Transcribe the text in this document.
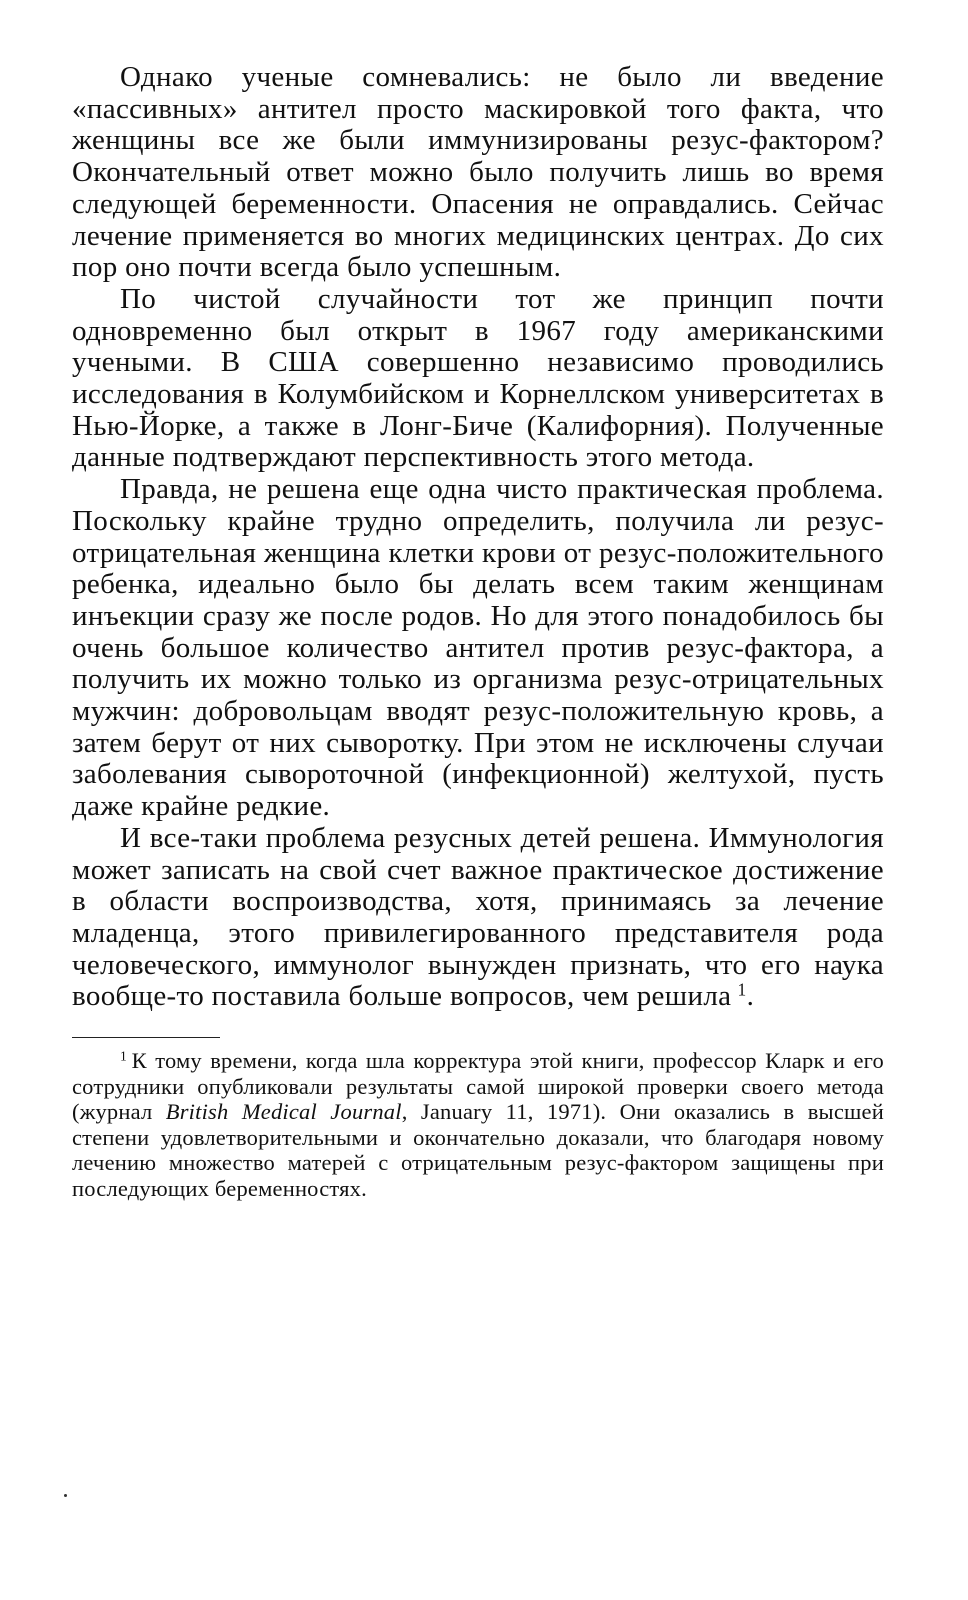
Однако ученые сомневались: не было ли введение «пассивных» антител просто маскировкой того факта, что женщины все же были иммунизированы резус-фактором? Окончательный ответ можно было получить лишь во время следующей беременности. Опасения не оправдались. Сейчас лечение применяется во многих медицинских центрах. До сих пор оно почти всегда было успешным.

По чистой случайности тот же принцип почти одновременно был открыт в 1967 году американскими учеными. В США совершенно независимо проводились исследования в Колумбийском и Корнеллском университетах в Нью-Йорке, а также в Лонг-Биче (Калифорния). Полученные данные подтверждают перспективность этого метода.

Правда, не решена еще одна чисто практическая проблема. Поскольку крайне трудно определить, получила ли резус-отрицательная женщина клетки крови от резус-положительного ребенка, идеально было бы делать всем таким женщинам инъекции сразу же после родов. Но для этого понадобилось бы очень большое количество антител против резус-фактора, а получить их можно только из организма резус-отрицательных мужчин: добровольцам вводят резус-положительную кровь, а затем берут от них сыворотку. При этом не исключены случаи заболевания сывороточной (инфекционной) желтухой, пусть даже крайне редкие.

И все-таки проблема резусных детей решена. Иммунология может записать на свой счет важное практическое достижение в области воспроизводства, хотя, принимаясь за лечение младенца, этого привилегированного представителя рода человеческого, иммунолог вынужден признать, что его наука вообще-то поставила больше вопросов, чем решила  $^1$.

$^1$  К тому времени, когда шла корректура этой книги, профессор Кларк и его сотрудники опубликовали результаты самой широкой проверки своего метода (журнал British Medical Journal, January 11, 1971). Они оказались в высшей степени удовлетворительными и окончательно доказали, что благодаря новому лечению множество матерей с отрицательным резус-фактором защищены при последующих беременностях.
